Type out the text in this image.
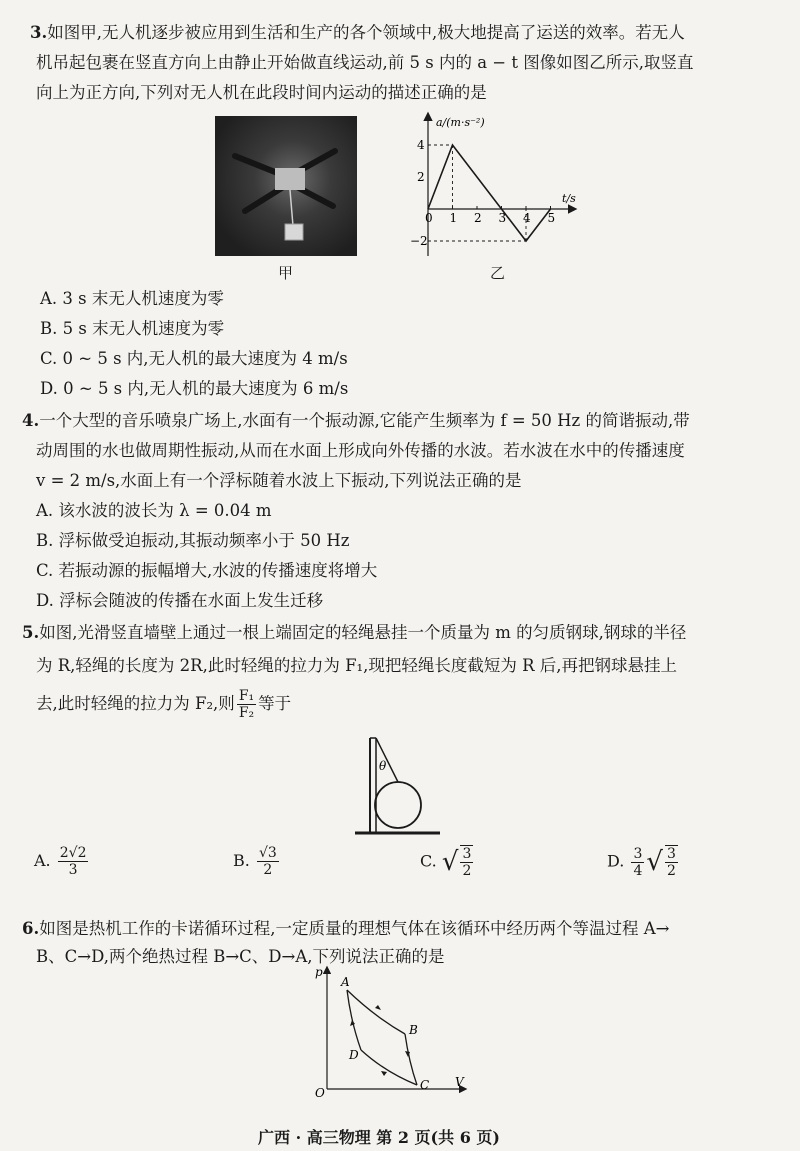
3.如图甲,无人机逐步被应用到生活和生产的各个领域中,极大地提高了运送的效率。若无人
机吊起包裹在竖直方向上由静止开始做直线运动,前 5 s 内的 a − t 图像如图乙所示,取竖直
向上为正方向,下列对无人机在此段时间内运动的描述正确的是
甲
a/(m·s⁻²)
t/s
0 1 2 3 4 5
4
2
−2
乙
A. 3 s 末无人机速度为零
B. 5 s 末无人机速度为零
C. 0 ~ 5 s 内,无人机的最大速度为 4 m/s
D. 0 ~ 5 s 内,无人机的最大速度为 6 m/s
4.一个大型的音乐喷泉广场上,水面有一个振动源,它能产生频率为 f = 50 Hz 的简谐振动,带
动周围的水也做周期性振动,从而在水面上形成向外传播的水波。若水波在水中的传播速度
v = 2 m/s,水面上有一个浮标随着水波上下振动,下列说法正确的是
A. 该水波的波长为 λ = 0.04 m
B. 浮标做受迫振动,其振动频率小于 50 Hz
C. 若振动源的振幅增大,水波的传播速度将增大
D. 浮标会随波的传播在水面上发生迁移
5.如图,光滑竖直墙壁上通过一根上端固定的轻绳悬挂一个质量为 m 的匀质钢球,钢球的半径
为 R,轻绳的长度为 2R,此时轻绳的拉力为 F₁,现把轻绳长度截短为 R 后,再把钢球悬挂上
去,此时轻绳的拉力为 F₂,则 $\frac{\text{F₁}}{\text{F₂}}$ 等于
θ
A. $\frac{2√2}{3}$	B. $\frac{√3}{2}$	C. √ $\frac{3}{2}$	D. $\frac{3}{4}$ √ $\frac{3}{2}$
6.如图是热机工作的卡诺循环过程,一定质量的理想气体在该循环中经历两个等温过程 A→
B、C→D,两个绝热过程 B→C、D→A,下列说法正确的是
p
V
O
A
B
C
D
广西 · 高三物理 第 2 页(共 6 页)
